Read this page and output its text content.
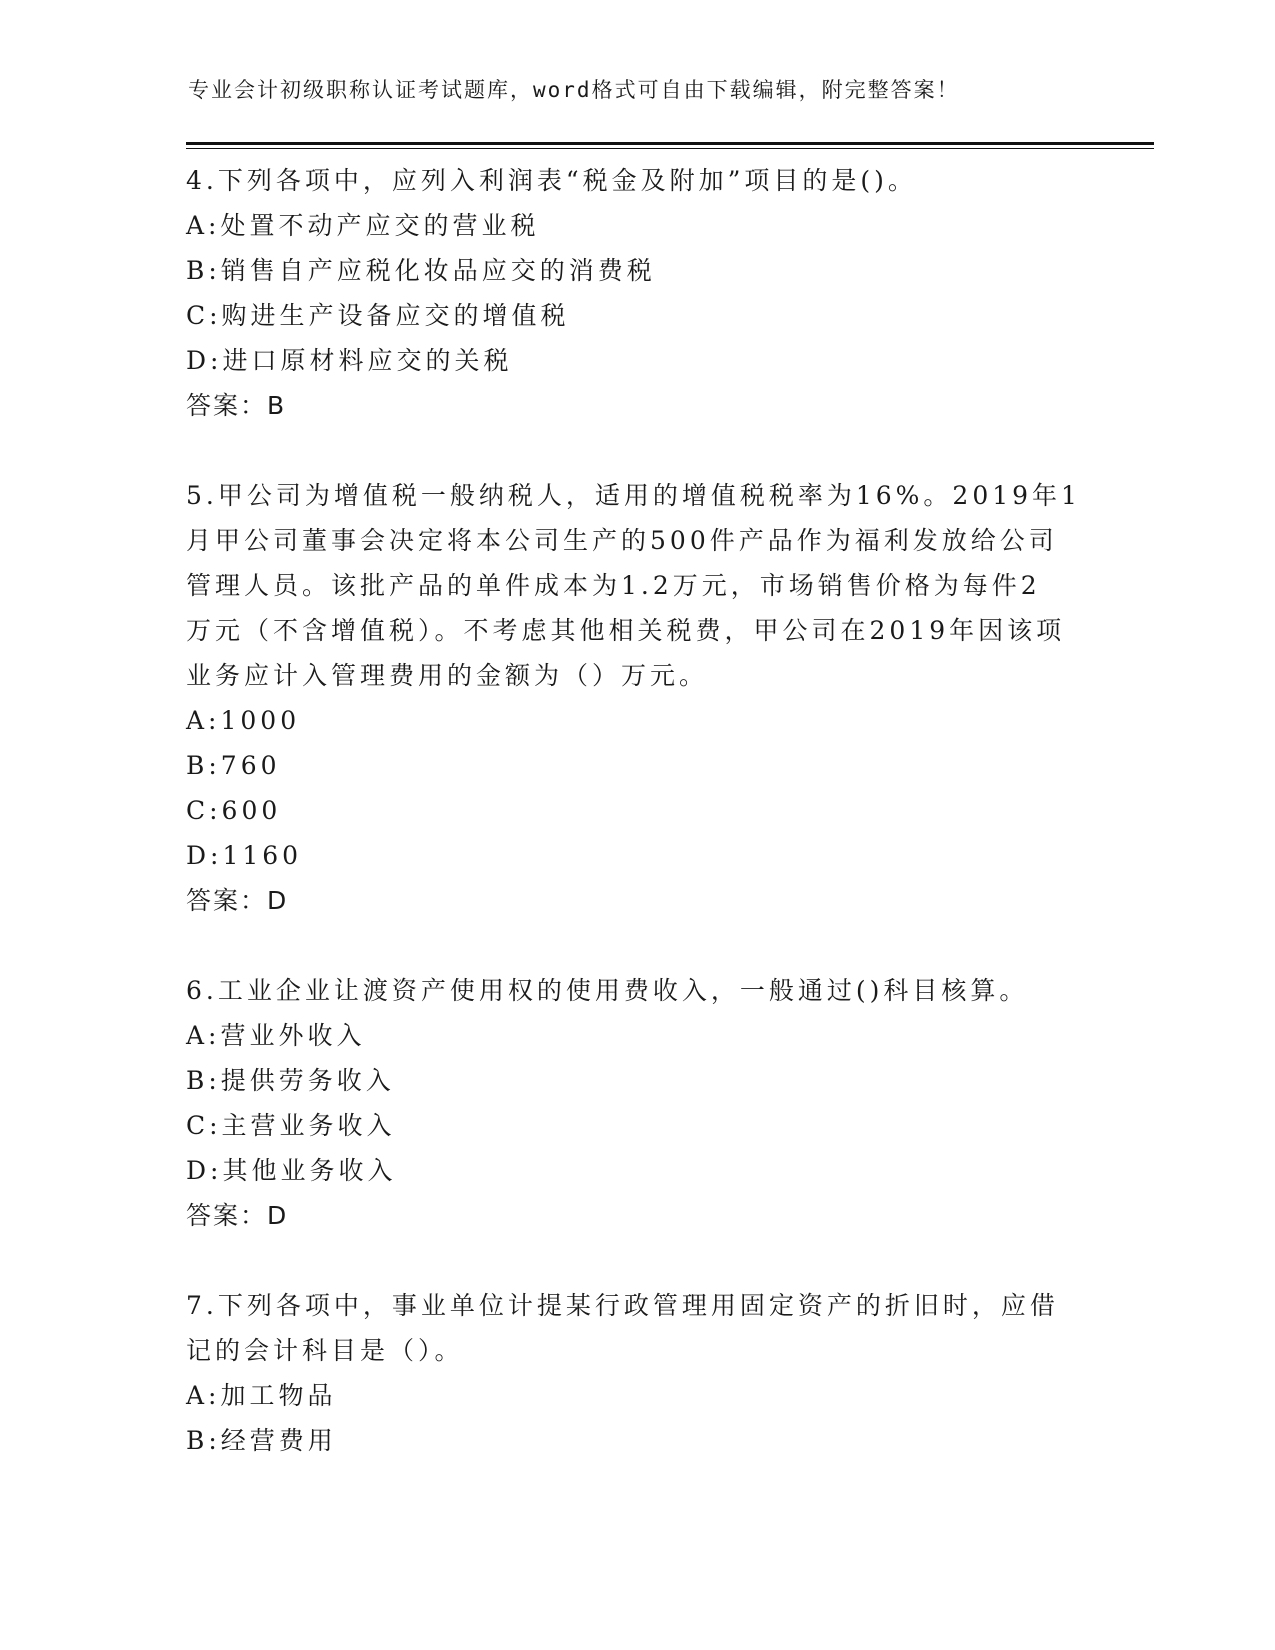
专业会计初级职称认证考试题库，word格式可自由下载编辑，附完整答案！
4.下列各项中，应列入利润表“税金及附加”项目的是()。
A:处置不动产应交的营业税
B:销售自产应税化妆品应交的消费税
C:购进生产设备应交的增值税
D:进口原材料应交的关税
答案：B
5.甲公司为增值税一般纳税人，适用的增值税税率为16%。2019年1
月甲公司董事会决定将本公司生产的500件产品作为福利发放给公司
管理人员。该批产品的单件成本为1.2万元，市场销售价格为每件2
万元（不含增值税）。不考虑其他相关税费，甲公司在2019年因该项
业务应计入管理费用的金额为（）万元。
A:1000
B:760
C:600
D:1160
答案：D
6.工业企业让渡资产使用权的使用费收入，一般通过()科目核算。
A:营业外收入
B:提供劳务收入
C:主营业务收入
D:其他业务收入
答案：D
7.下列各项中，事业单位计提某行政管理用固定资产的折旧时，应借
记的会计科目是（）。
A:加工物品
B:经营费用
